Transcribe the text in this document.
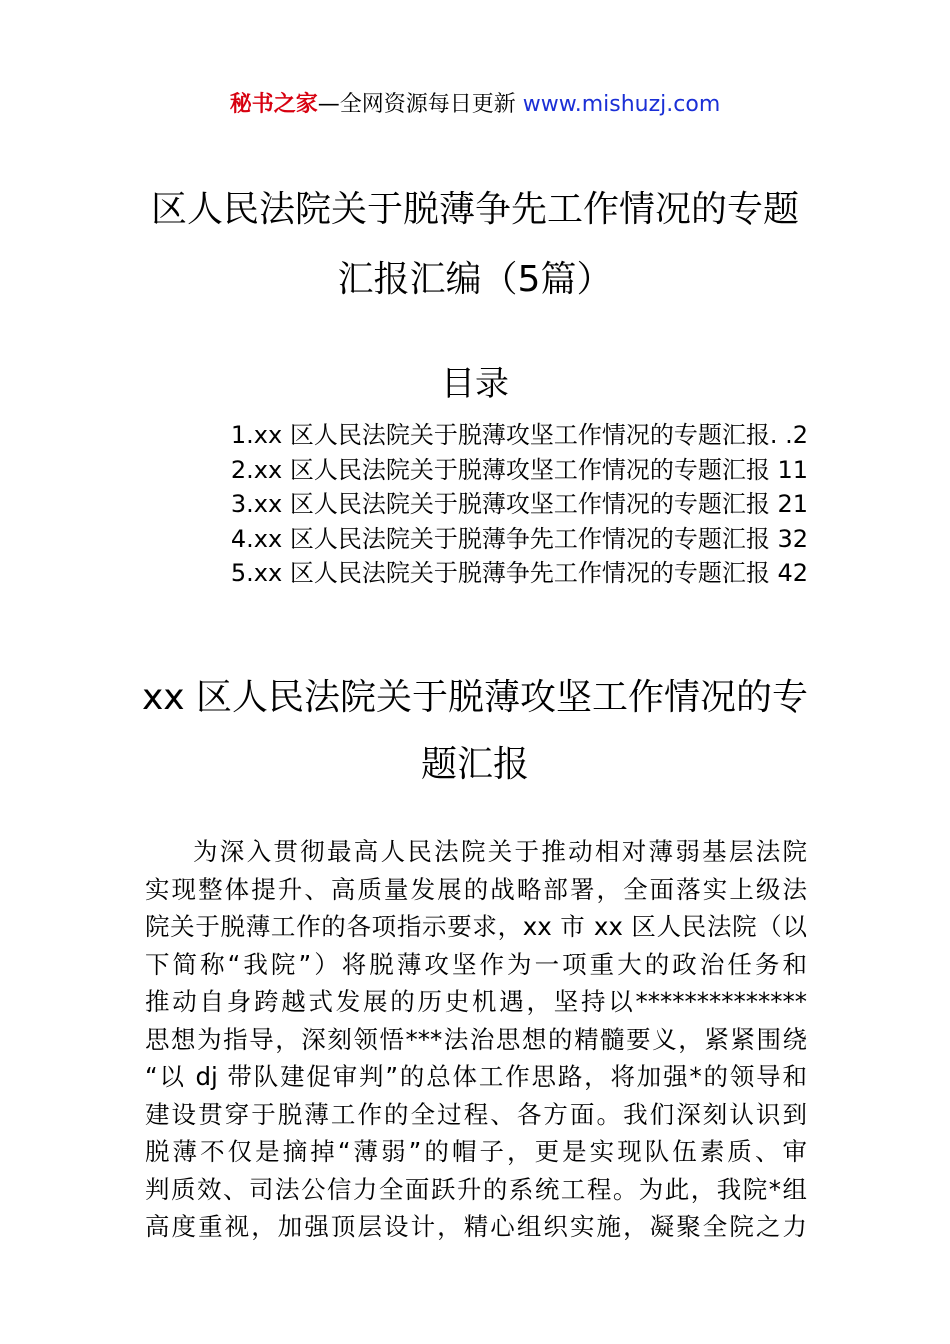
秘书之家—全网资源每日更新 www.mishuzj.com
区人民法院关于脱薄争先工作情况的专题
汇报汇编（5篇）
目录
1.xx 区人民法院关于脱薄攻坚工作情况的专题汇报. .2
2.xx 区人民法院关于脱薄攻坚工作情况的专题汇报 11
3.xx 区人民法院关于脱薄攻坚工作情况的专题汇报 21
4.xx 区人民法院关于脱薄争先工作情况的专题汇报 32
5.xx 区人民法院关于脱薄争先工作情况的专题汇报 42
xx 区人民法院关于脱薄攻坚工作情况的专
题汇报
为深入贯彻最高人民法院关于推动相对薄弱基层法院
实现整体提升、高质量发展的战略部署，全面落实上级法
院关于脱薄工作的各项指示要求，xx 市 xx 区人民法院（以
下简称“我院”）将脱薄攻坚作为一项重大的政治任务和
推动自身跨越式发展的历史机遇，坚持以**************
思想为指导，深刻领悟***法治思想的精髓要义，紧紧围绕
“以 dj 带队建促审判”的总体工作思路，将加强*的领导和
建设贯穿于脱薄工作的全过程、各方面。我们深刻认识到
脱薄不仅是摘掉“薄弱”的帽子，更是实现队伍素质、审
判质效、司法公信力全面跃升的系统工程。为此，我院*组
高度重视，加强顶层设计，精心组织实施，凝聚全院之力
